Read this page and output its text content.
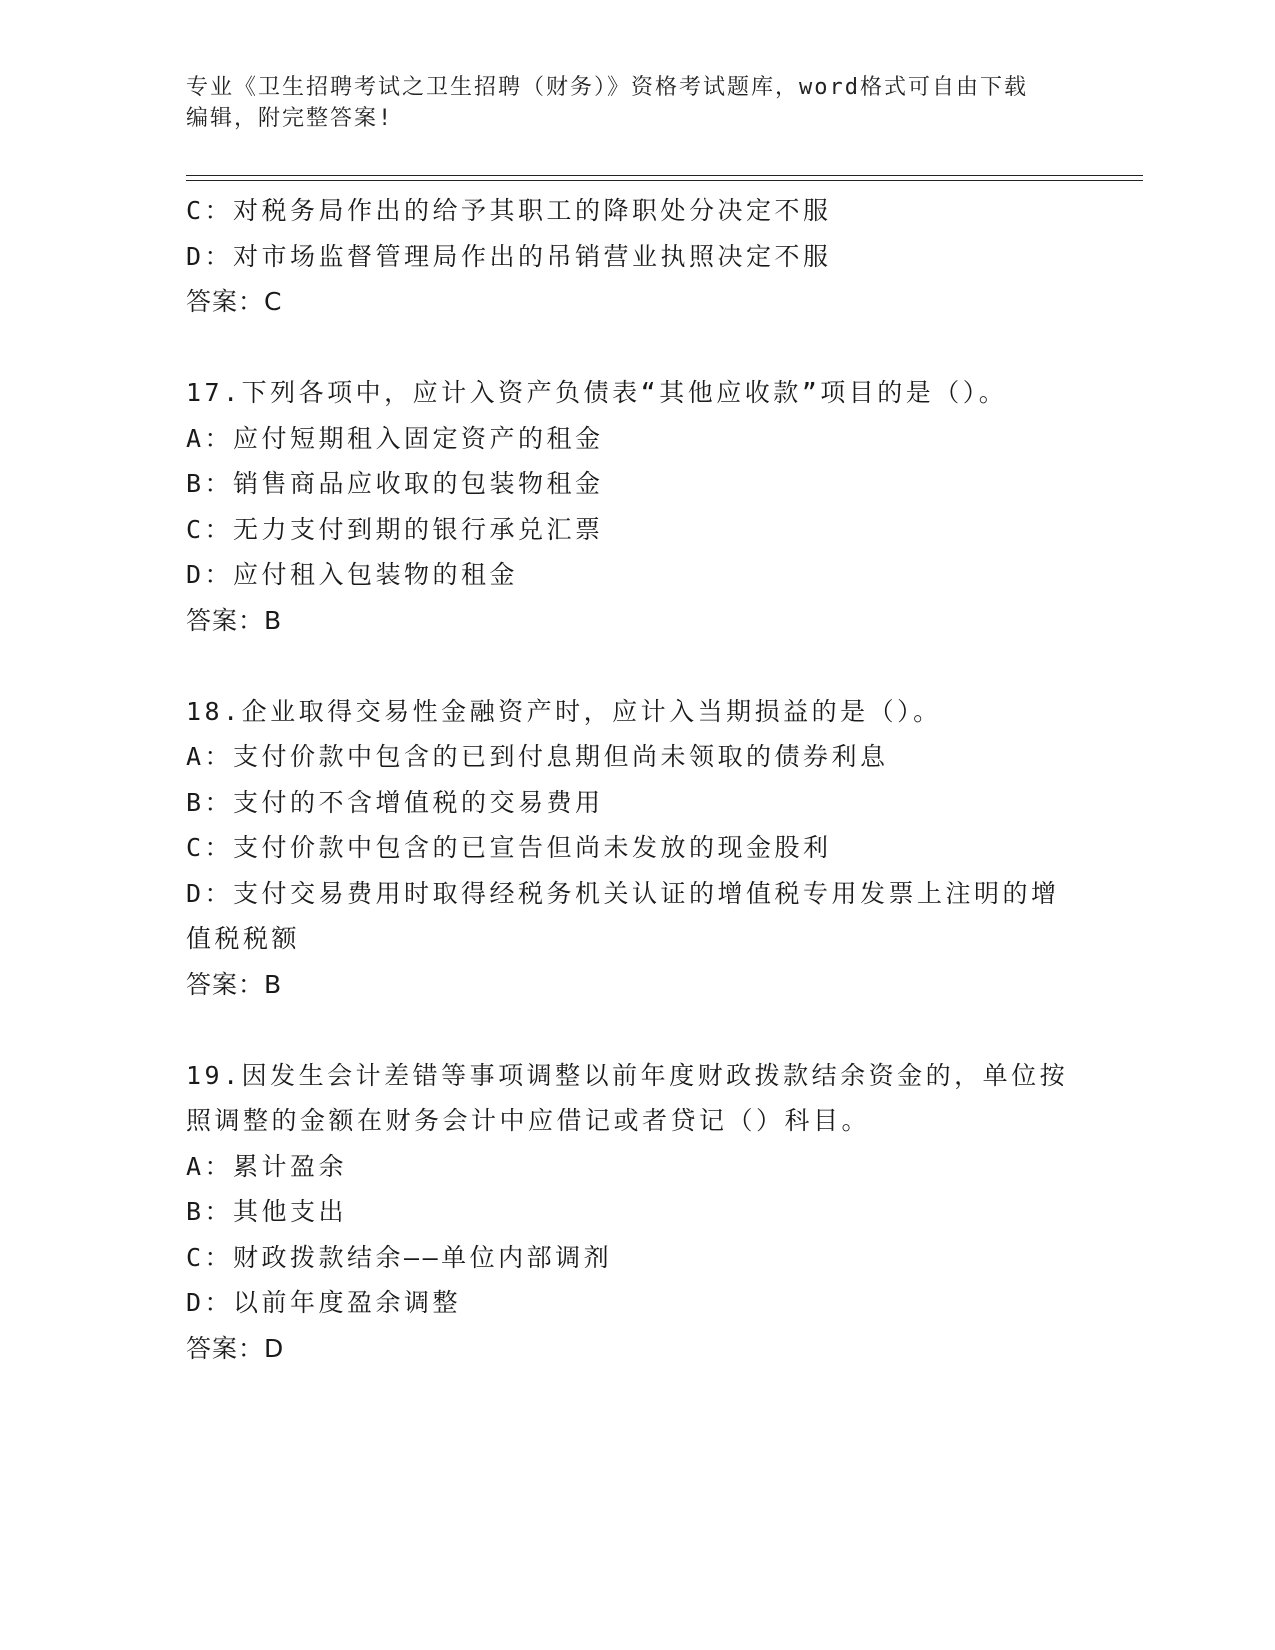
专业《卫生招聘考试之卫生招聘（财务）》资格考试题库，word格式可自由下载
编辑，附完整答案!
C：对税务局作出的给予其职工的降职处分决定不服
D：对市场监督管理局作出的吊销营业执照决定不服
答案：C
17.下列各项中，应计入资产负债表“其他应收款”项目的是（）。
A：应付短期租入固定资产的租金
B：销售商品应收取的包装物租金
C：无力支付到期的银行承兑汇票
D：应付租入包装物的租金
答案：B
18.企业取得交易性金融资产时，应计入当期损益的是（）。
A：支付价款中包含的已到付息期但尚未领取的债券利息
B：支付的不含增值税的交易费用
C：支付价款中包含的已宣告但尚未发放的现金股利
D：支付交易费用时取得经税务机关认证的增值税专用发票上注明的增
值税税额
答案：B
19.因发生会计差错等事项调整以前年度财政拨款结余资金的，单位按
照调整的金额在财务会计中应借记或者贷记（）科目。
A：累计盈余
B：其他支出
C：财政拨款结余——单位内部调剂
D：以前年度盈余调整
答案：D
